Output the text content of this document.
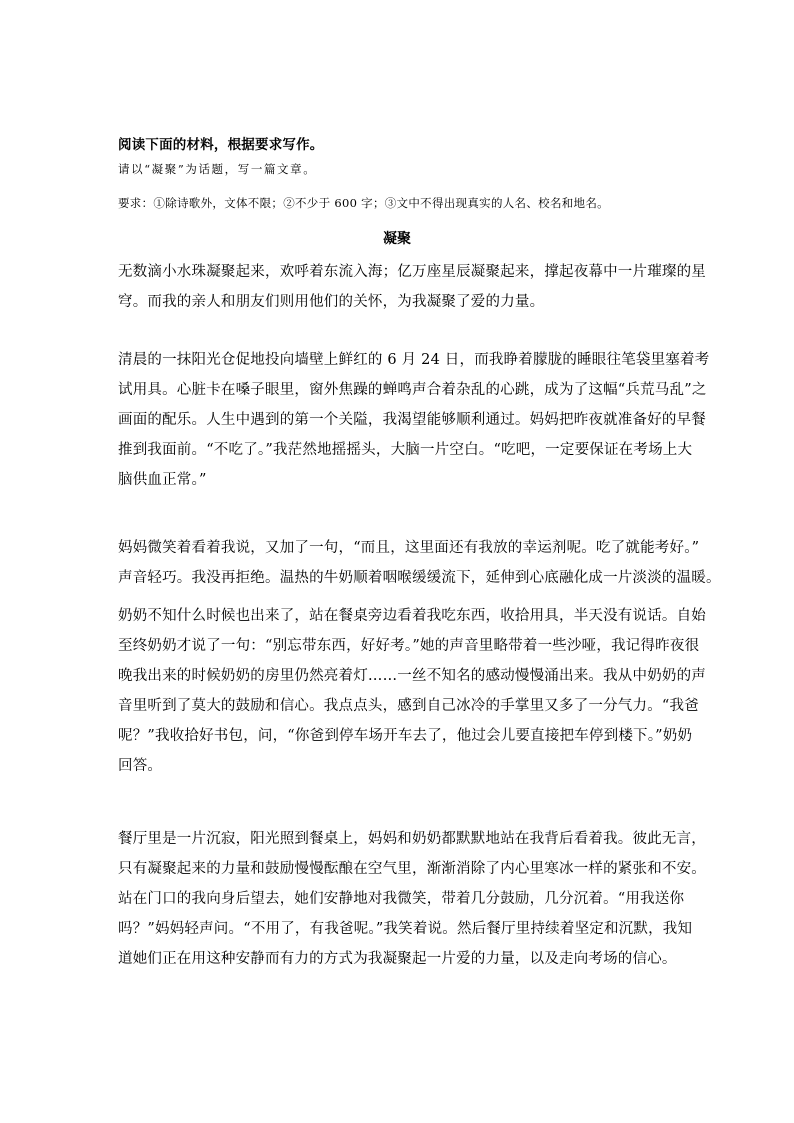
阅读下面的材料，根据要求写作。

请以“凝聚”为话题，写一篇文章。

要求：①除诗歌外，文体不限；②不少于 600 字；③文中不得出现真实的人名、校名和地名。

凝聚
无数滴小水珠凝聚起来，欢呼着东流入海；亿万座星辰凝聚起来，撑起夜幕中一片璀璨的星
穹。而我的亲人和朋友们则用他们的关怀，为我凝聚了爱的力量。
清晨的一抹阳光仓促地投向墙壁上鲜红的 6 月 24 日，而我睁着朦胧的睡眼往笔袋里塞着考
试用具。心脏卡在嗓子眼里，窗外焦躁的蝉鸣声合着杂乱的心跳，成为了这幅“兵荒马乱”之
画面的配乐。人生中遇到的第一个关隘，我渴望能够顺利通过。妈妈把昨夜就准备好的早餐
推到我面前。“不吃了。”我茫然地摇摇头，大脑一片空白。“吃吧，一定要保证在考场上大
脑供血正常。”
妈妈微笑着看着我说，又加了一句，“而且，这里面还有我放的幸运剂呢。吃了就能考好。”
声音轻巧。我没再拒绝。温热的牛奶顺着咽喉缓缓流下，延伸到心底融化成一片淡淡的温暖。
奶奶不知什么时候也出来了，站在餐桌旁边看着我吃东西，收拾用具，半天没有说话。自始
至终奶奶才说了一句：“别忘带东西，好好考。”她的声音里略带着一些沙哑，我记得昨夜很
晚我出来的时候奶奶的房里仍然亮着灯……一丝不知名的感动慢慢涌出来。我从中奶奶的声
音里听到了莫大的鼓励和信心。我点点头，感到自己冰冷的手掌里又多了一分气力。“我爸
呢？”我收拾好书包，问，“你爸到停车场开车去了，他过会儿要直接把车停到楼下。”奶奶
回答。
餐厅里是一片沉寂，阳光照到餐桌上，妈妈和奶奶都默默地站在我背后看着我。彼此无言，
只有凝聚起来的力量和鼓励慢慢酝酿在空气里，渐渐消除了内心里寒冰一样的紧张和不安。
站在门口的我向身后望去，她们安静地对我微笑，带着几分鼓励，几分沉着。“用我送你
吗？”妈妈轻声问。“不用了，有我爸呢。”我笑着说。然后餐厅里持续着坚定和沉默，我知
道她们正在用这种安静而有力的方式为我凝聚起一片爱的力量，以及走向考场的信心。
